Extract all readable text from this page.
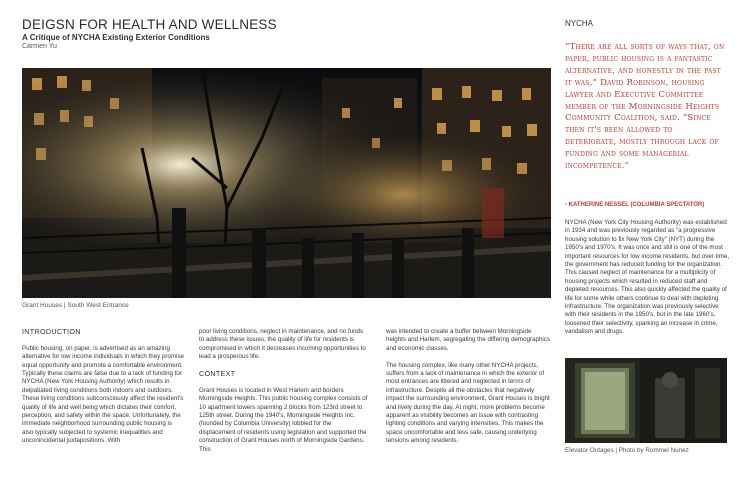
DEIGSN FOR HEALTH AND WELLNESS
A Critique of NYCHA Existing Exterior Conditions
Carmen Yu
NYCHA
Grant Houses | South West Entrance
INTRODUCTION

Public housing, on paper, is advertised as an amazing alternative for low income individuals in which they promise equal opportunity and promote a comfortable environment. Typically these claims are false due to a lack of funding for NYCHA (New York Housing Authority) which results in delpatiated living conditions both indoors and outdoors. These living conditions subconsciously affect the resident's quality of life and well being which dictates their comfort, perception, and safety within the space. Unfortunately, the immediate neighborhood surrounding public housing is also typically subjected to systemic inequalities and unconincidental juxtapositions. With

poor living conditions, neglect in maintenance, and no funds to address these issues, the quality of life for residents is compromised in which it decreases incoming opportunities to lead a prosperous life.

CONTEXT

Grant Houses is located in West Harlem and borders Morningside Heights. This public housing complex consists of 10 apartment towers spanning 2 blocks from 123rd street to 125th street. During the 1940's, Morningside Heights Inc. (founded by Columbia University) lobbied for the displacement of residents using legislation and supported the construction of Grant Houses north of Morningside Gardens. This

was intended to create a buffer between Morningside heights and Harlem, segregating the differing demographics and economic classes.

The housing complex, like many other NYCHA projects, suffers from a lack of maintenance in which the exterior of most entrances are littered and neglected in terms of infrastructure. Despite all the obstacles that negatively impact the surrounding environment, Grant Houses is bright and lively during the day. At night, more problems become apparent as visibility becomes an issue with contrasting lighting conditions and varying intensities. This makes the space uncomfortable and less safe, causing underlying tensions among residents.

“There are all sorts of ways that, on paper, public housing is a fantastic alternative, and honestly in the past it was,” David Robinson, housing lawyer and Executive Committee member of the Morningside Heights Community Coalition, said. “Since then it's been allowed to deteriorate, mostly through lack of funding and some managerial incompetence.”
- KATHERINE NESSEL (COLUMBIA SPECTATOR)

NYCHA (New York City Housing Authority) was established in 1934 and was previously regarded as “a progressive housing solution to fix New York City” (NYT) during the 1950's and 1970's. It was once and still is one of the most important resources for low income residents, but over time, the government has reduced funding for the organization. This caused neglect of maintenance for a multiplicity of housing projects which resulted in reduced staff and depleted resources. This also quickly affected the quality of life for some while others continue to deal with depleting infrastructure. The organization was previously selective with their residents in the 1950's, but in the late 1960's, loosened their selectivity, sparking an increase in crime, vandalism and drugs.

Elevator Outages | Photo by Rommel Nunez
